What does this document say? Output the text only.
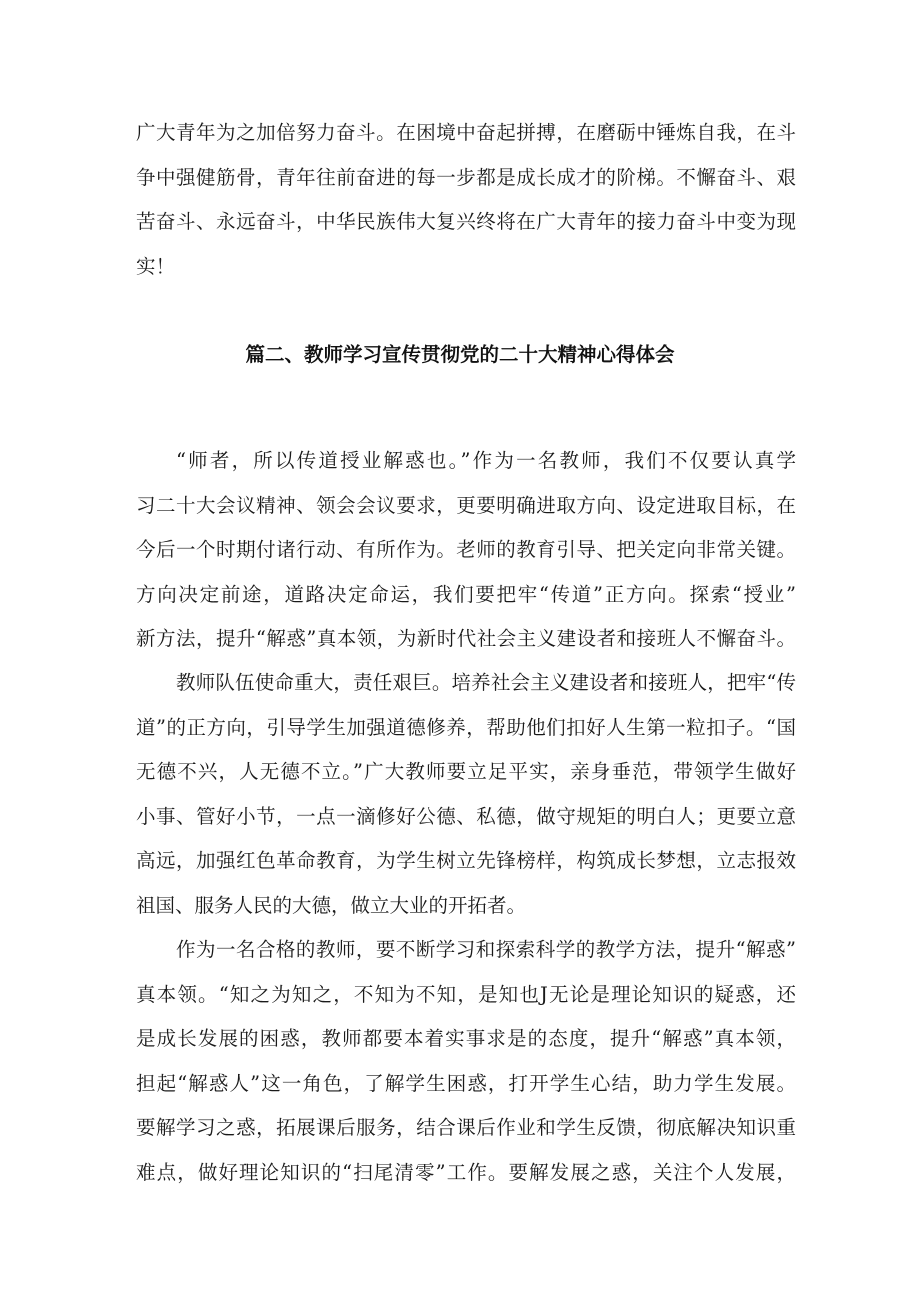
广大青年为之加倍努力奋斗。在困境中奋起拼搏，在磨砺中锤炼自我，在斗
争中强健筋骨，青年往前奋进的每一步都是成长成才的阶梯。不懈奋斗、艰
苦奋斗、永远奋斗，中华民族伟大复兴终将在广大青年的接力奋斗中变为现
实！
篇二、教师学习宣传贯彻党的二十大精神心得体会
“师者，所以传道授业解惑也。”作为一名教师，我们不仅要认真学
习二十大会议精神、领会会议要求，更要明确进取方向、设定进取目标，在
今后一个时期付诸行动、有所作为。老师的教育引导、把关定向非常关键。
方向决定前途，道路决定命运，我们要把牢“传道”正方向。探索“授业”
新方法，提升“解惑”真本领，为新时代社会主义建设者和接班人不懈奋斗。
教师队伍使命重大，责任艰巨。培养社会主义建设者和接班人，把牢“传
道”的正方向，引导学生加强道德修养，帮助他们扣好人生第一粒扣子。“国
无德不兴，人无德不立。”广大教师要立足平实，亲身垂范，带领学生做好
小事、管好小节，一点一滴修好公德、私德，做守规矩的明白人；更要立意
高远，加强红色革命教育，为学生树立先锋榜样，构筑成长梦想，立志报效
祖国、服务人民的大德，做立大业的开拓者。
作为一名合格的教师，要不断学习和探索科学的教学方法，提升“解惑”
真本领。“知之为知之，不知为不知，是知也J无论是理论知识的疑惑，还
是成长发展的困惑，教师都要本着实事求是的态度，提升“解惑”真本领，
担起“解惑人”这一角色，了解学生困惑，打开学生心结，助力学生发展。
要解学习之惑，拓展课后服务，结合课后作业和学生反馈，彻底解决知识重
难点，做好理论知识的“扫尾清零”工作。要解发展之惑，关注个人发展，
